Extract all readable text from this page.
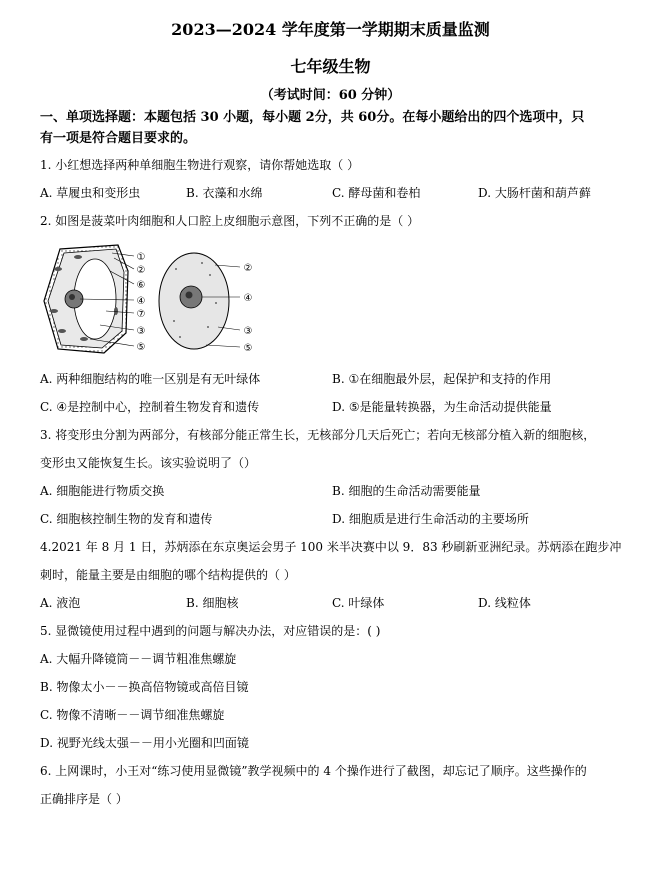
2023—2024 学年度第一学期期末质量监测
七年级生物
（考试时间：60 分钟）
一、单项选择题：本题包括 30 小题，每小题 2分，共 60分。在每小题给出的四个选项中，只
有一项是符合题目要求的。
1. 小红想选择两种单细胞生物进行观察，请你帮她选取（ ）
A. 草履虫和变形虫	B. 衣藻和水绵	C. 酵母菌和卷柏	D. 大肠杆菌和葫芦藓
2. 如图是菠菜叶肉细胞和人口腔上皮细胞示意图，下列不正确的是（ ）
①
②
⑥
④
⑦
③
⑤
②
④
③
⑤
A. 两种细胞结构的唯一区别是有无叶绿体	B. ①在细胞最外层，起保护和支持的作用
C. ④是控制中心，控制着生物发育和遗传	D. ⑤是能量转换器，为生命活动提供能量
3. 将变形虫分割为两部分，有核部分能正常生长，无核部分几天后死亡；若向无核部分植入新的细胞核，
变形虫又能恢复生长。该实验说明了（）
A. 细胞能进行物质交换	B. 细胞的生命活动需要能量
C. 细胞核控制生物的发育和遗传	D. 细胞质是进行生命活动的主要场所
4.2021 年 8 月 1 日，苏炳添在东京奥运会男子 100 米半决赛中以 9．83 秒刷新亚洲纪录。苏炳添在跑步冲
刺时，能量主要是由细胞的哪个结构提供的（ ）
A. 液泡	B. 细胞核	C. 叶绿体	D. 线粒体
5. 显微镜使用过程中遇到的问题与解决办法，对应错误的是：( )
A. 大幅升降镜筒－－调节粗准焦螺旋
B. 物像太小－－换高倍物镜或高倍目镜
C. 物像不清晰－－调节细准焦螺旋
D. 视野光线太强－－用小光圈和凹面镜
6. 上网课时，小王对“练习使用显微镜”教学视频中的 4 个操作进行了截图，却忘记了顺序。这些操作的
正确排序是（ ）
